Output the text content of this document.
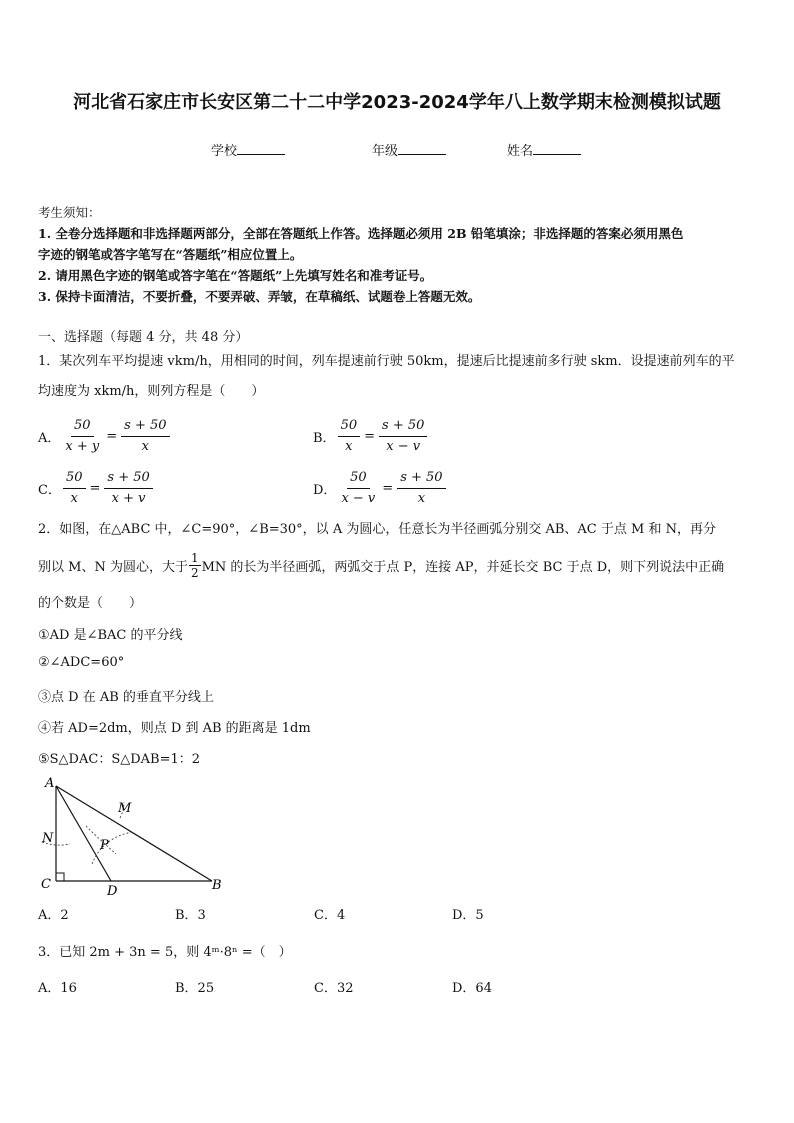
河北省石家庄市长安区第二十二中学2023-2024学年八上数学期末检测模拟试题
学校	年级	姓名
考生须知：
1. 全卷分选择题和非选择题两部分，全部在答题纸上作答。选择题必须用 2B 铅笔填涂；非选择题的答案必须用黑色
字迹的钢笔或答字笔写在“答题纸”相应位置上。
2. 请用黑色字迹的钢笔或答字笔在“答题纸”上先填写姓名和准考证号。
3. 保持卡面清洁，不要折叠，不要弄破、弄皱，在草稿纸、试题卷上答题无效。
一、选择题（每题 4 分，共 48 分）
1．某次列车平均提速 vkm/h，用相同的时间，列车提速前行驶 50km，提速后比提速前多行驶 skm．设提速前列车的平
均速度为 xkm/h，则列方程是（　　）
A． $\frac{50}{x + y} = \frac{s + 50}{x}$	B． $\frac{50}{x} = \frac{s + 50}{x - v}$
C． $\frac{50}{x} = \frac{s + 50}{x + v}$	D． $\frac{50}{x - v} = \frac{s + 50}{x}$
2．如图，在△ABC 中，∠C=90°，∠B=30°，以 A 为圆心，任意长为半径画弧分别交 AB、AC 于点 M 和 N，再分
别以 M、N 为圆心，大于 $\frac{1}{2}$ MN 的长为半径画弧，两弧交于点 P，连接 AP，并延长交 BC 于点 D，则下列说法中正确
的个数是（　　）
①AD 是∠BAC 的平分线
②∠ADC=60°
③点 D 在 AB 的垂直平分线上
④若 AD=2dm，则点 D 到 AB 的距离是 1dm
⑤S△DAC：S△DAB=1：2
A
B
C	D
M
N	P
A．2	B．3	C．4	D．5
3．已知 2m + 3n = 5，则 4ᵐ·8ⁿ =（　）
A．16	B．25	C．32	D．64
